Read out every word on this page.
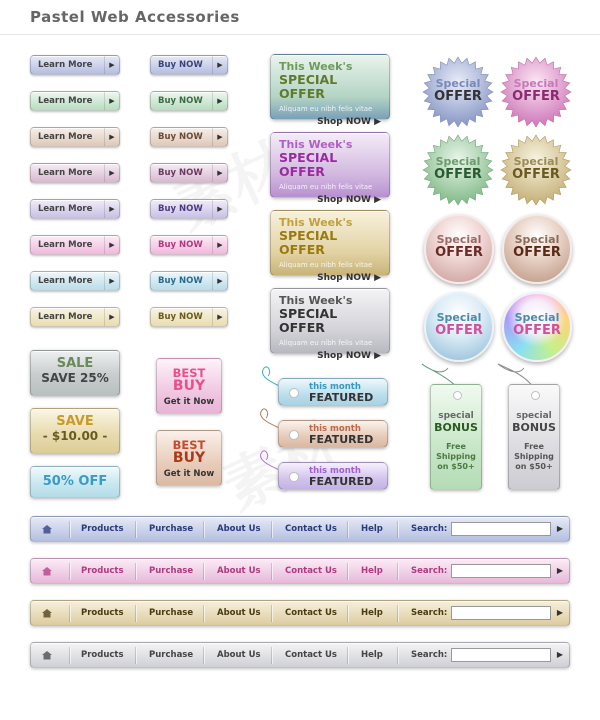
Pastel Web Accessories
Learn More	▶
Learn More	▶
Learn More	▶
Learn More	▶
Learn More	▶
Learn More	▶
Learn More	▶
Learn More	▶
Buy NOW	▶
Buy NOW	▶
Buy NOW	▶
Buy NOW	▶
Buy NOW	▶
Buy NOW	▶
Buy NOW	▶
Buy NOW	▶
This Week's
SPECIAL OFFER
Aliquam eu nibh felis vitae
Shop NOW ▶
This Week's
SPECIAL OFFER
Aliquam eu nibh felis vitae
Shop NOW ▶
This Week's
SPECIAL OFFER
Aliquam eu nibh felis vitae
Shop NOW ▶
This Week's
SPECIAL OFFER
Aliquam eu nibh felis vitae
Shop NOW ▶
Special
OFFER
Special
OFFER
Special
OFFER
Special
OFFER
Special
OFFER
Special
OFFER
Special
OFFER
Special
OFFER
SALE
SAVE 25%
SAVE
- $10.00 -
50% OFF
BEST
BUY
Get it Now
BEST
BUY
Get it Now
this month
FEATURED
this month
FEATURED
this month
FEATURED
special
BONUS
Free
Shipping
on $50+
special
BONUS
Free
Shipping
on $50+
Products	Purchase	About Us	Contact Us	Help	Search:	▶
Products	Purchase	About Us	Contact Us	Help	Search:	▶
Products	Purchase	About Us	Contact Us	Help	Search:	▶
Products	Purchase	About Us	Contact Us	Help	Search:	▶
